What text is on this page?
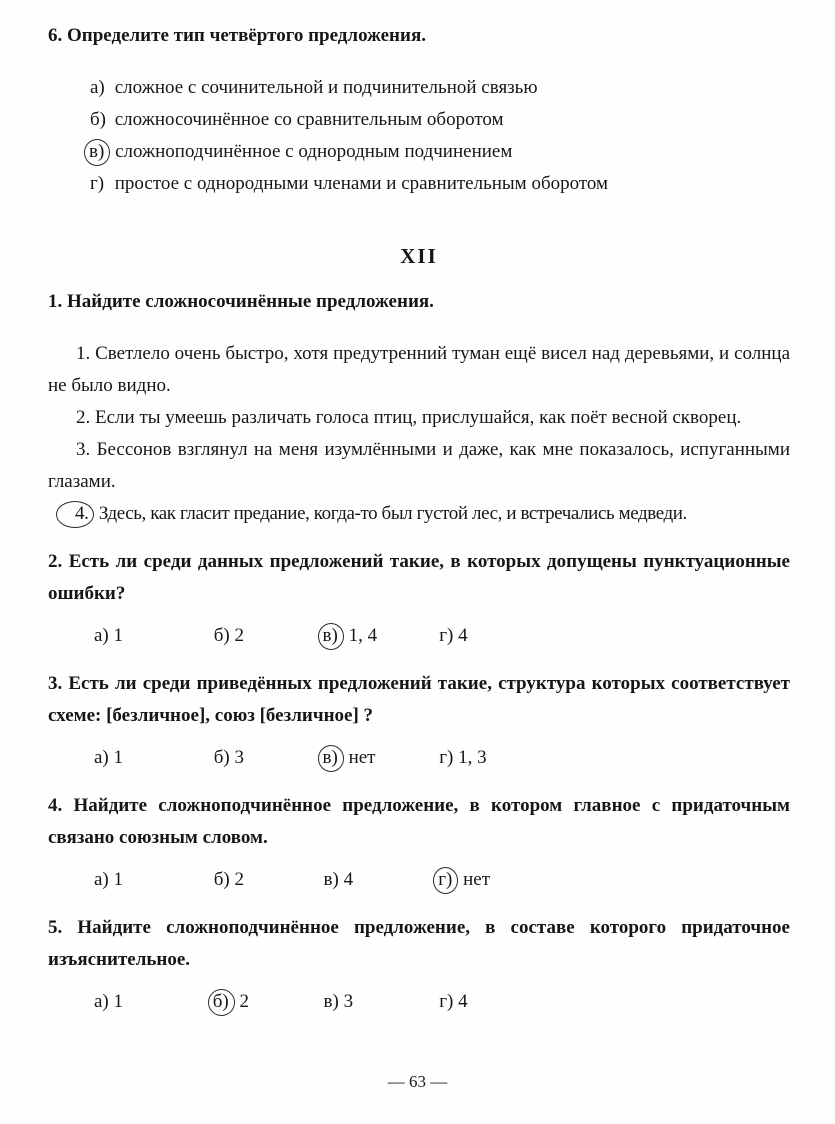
6. Определите тип четвёртого предложения.

а) сложное с сочинительной и подчинительной связью

б) сложносочинённое со сравнительным оборотом

в) сложноподчинённое с однородным подчинением

г) простое с однородными членами и сравнительным оборотом

XII

1. Найдите сложносочинённые предложения.

1. Светлело очень быстро, хотя предутренний туман ещё висел над деревьями, и солнца не было видно.

2. Если ты умеешь различать голоса птиц, прислушайся, как поёт весной скворец.

3. Бессонов взглянул на меня изумлёнными и даже, как мне показалось, испуганными глазами.

4. Здесь, как гласит предание, когда-то был густой лес, и встречались медведи.

2. Есть ли среди данных предложений такие, в которых допущены пунктуационные ошибки?

а) 1	б) 2	в) 1, 4	г) 4

3. Есть ли среди приведённых предложений такие, структура которых соответствует схеме: [безличное], союз [безличное] ?

а) 1	б) 3	в) нет	г) 1, 3

4. Найдите сложноподчинённое предложение, в котором главное с придаточным связано союзным словом.

а) 1	б) 2	в) 4	г) нет

5. Найдите сложноподчинённое предложение, в составе которого придаточное изъяснительное.

а) 1	б) 2	в) 3	г) 4
— 63 —
